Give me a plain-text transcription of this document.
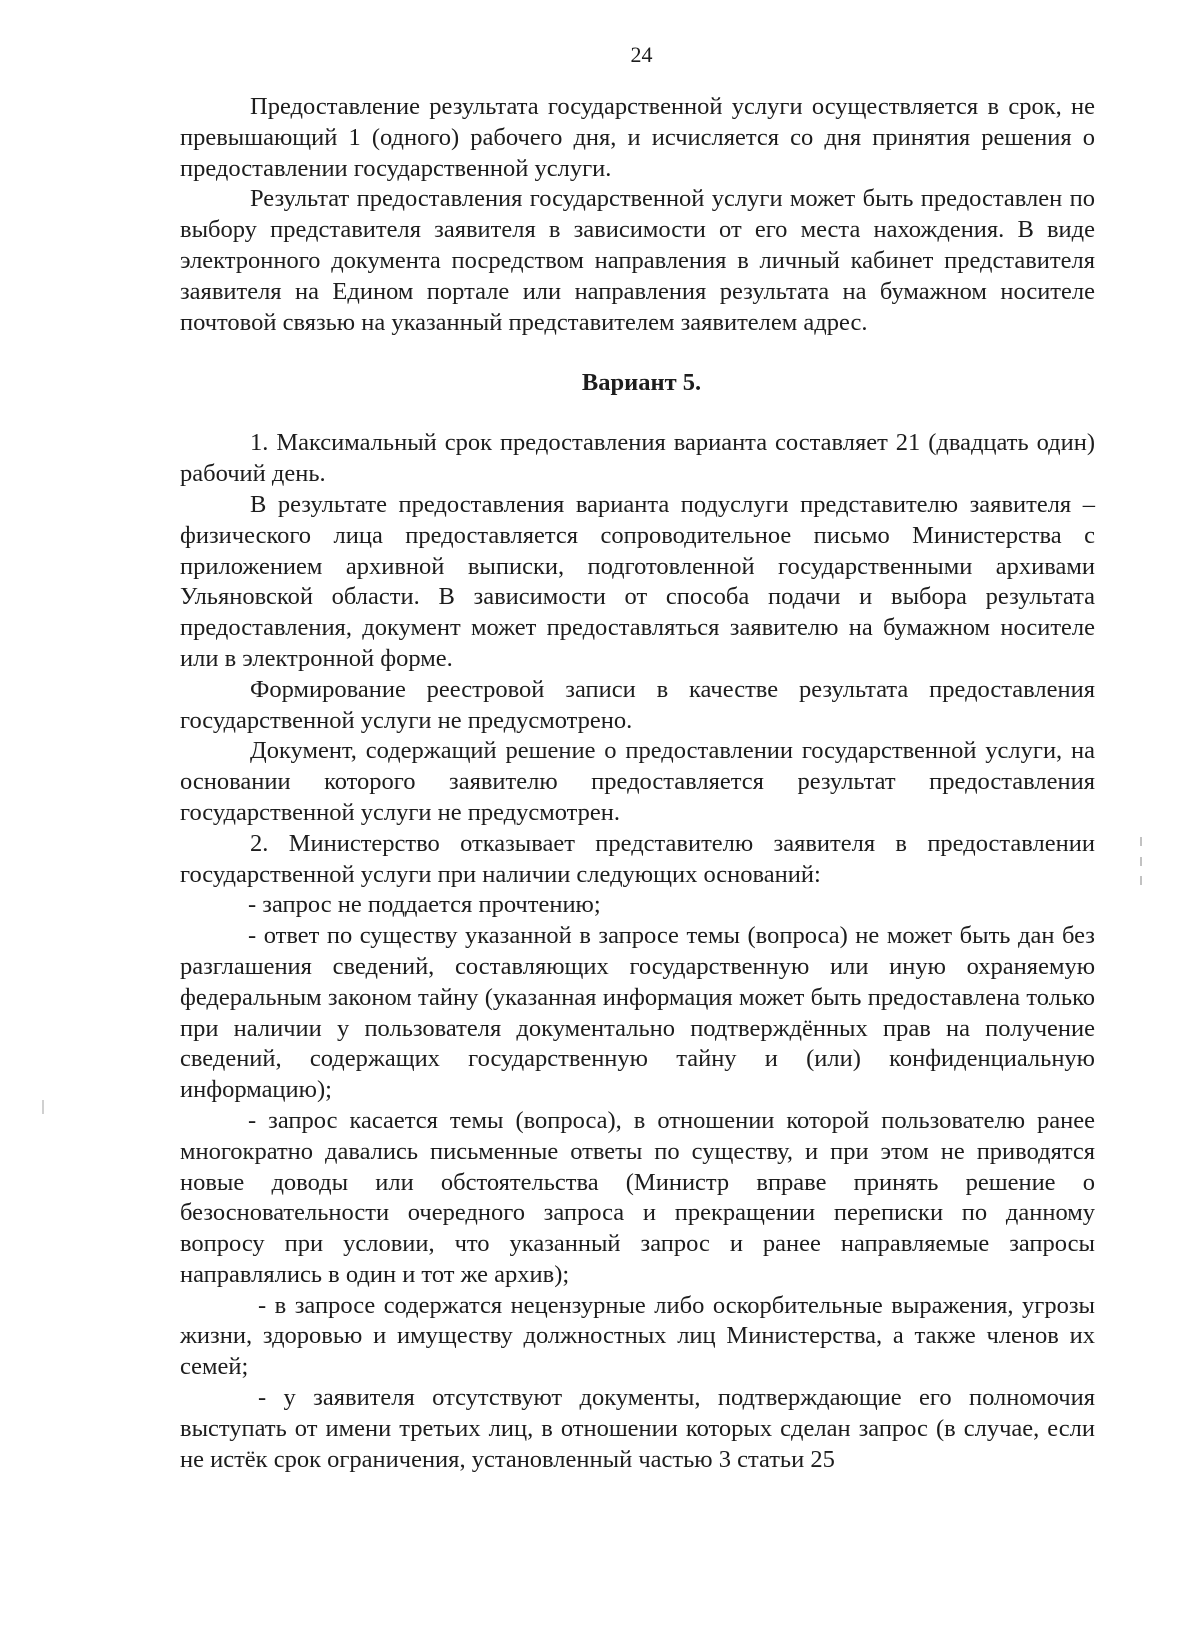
24

Предоставление результата государственной услуги осуществляется в срок, не превышающий 1 (одного) рабочего дня, и исчисляется со дня принятия решения о предоставлении государственной услуги.

Результат предоставления государственной услуги может быть предоставлен по выбору представителя заявителя в зависимости от его места нахождения. В виде электронного документа посредством направления в личный кабинет представителя заявителя на Едином портале или направления результата на бумажном носителе почтовой связью на указанный представителем заявителем адрес.

Вариант 5.

1. Максимальный срок предоставления варианта составляет 21 (двадцать один) рабочий день.

В результате предоставления варианта подуслуги представителю заявителя – физического лица предоставляется сопроводительное письмо Министерства с приложением архивной выписки, подготовленной государственными архивами Ульяновской области. В зависимости от способа подачи и выбора результата предоставления, документ может предоставляться заявителю на бумажном носителе или в электронной форме.

Формирование реестровой записи в качестве результата предоставления государственной услуги не предусмотрено.

Документ, содержащий решение о предоставлении государственной услуги, на основании которого заявителю предоставляется результат предоставления государственной услуги не предусмотрен.

2. Министерство отказывает представителю заявителя в предоставлении государственной услуги при наличии следующих оснований:

- запрос не поддается прочтению;

- ответ по существу указанной в запросе темы (вопроса) не может быть дан без разглашения сведений, составляющих государственную или иную охраняемую федеральным законом тайну (указанная информация может быть предоставлена только при наличии у пользователя документально подтверждённых прав на получение сведений, содержащих государственную тайну и (или) конфиденциальную информацию);

- запрос касается темы (вопроса), в отношении которой пользователю ранее многократно давались письменные ответы по существу, и при этом не приводятся новые доводы или обстоятельства (Министр вправе принять решение о безосновательности очередного запроса и прекращении переписки по данному вопросу при условии, что указанный запрос и ранее направляемые запросы направлялись в один и тот же архив);

- в запросе содержатся нецензурные либо оскорбительные выражения, угрозы жизни, здоровью и имуществу должностных лиц Министерства, а также членов их семей;

- у заявителя отсутствуют документы, подтверждающие его полномочия выступать от имени третьих лиц, в отношении которых сделан запрос (в случае, если не истёк срок ограничения, установленный частью 3 статьи 25
